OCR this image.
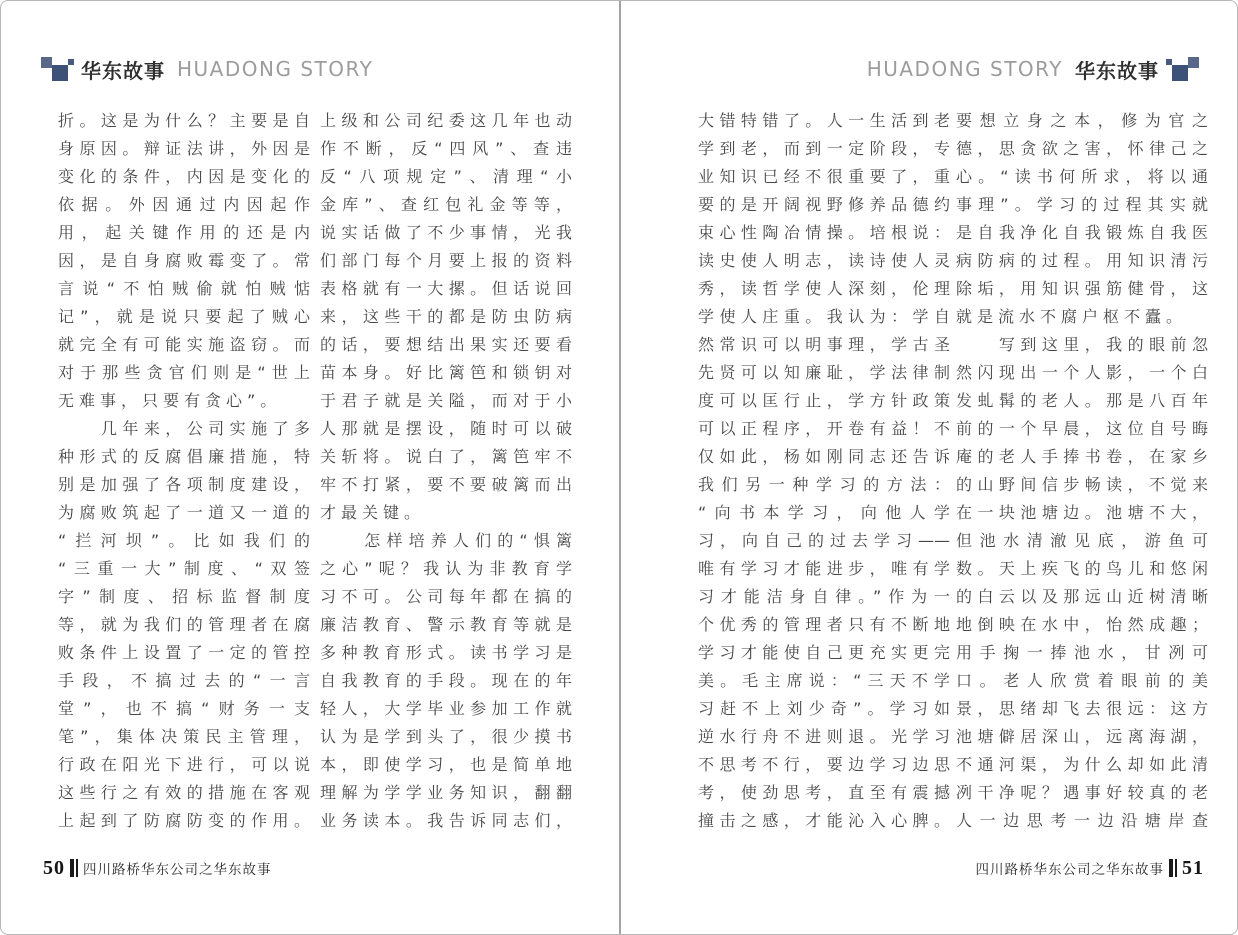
华东故事 HUADONG STORY
折。这是为什么？主要是自
身原因。辩证法讲，外因是
变化的条件，内因是变化的
依据。外因通过内因起作
用，起关键作用的还是内
因，是自身腐败霉变了。常
言说“不怕贼偷就怕贼惦
记”，就是说只要起了贼心
就完全有可能实施盗窃。而
对于那些贪官们则是“世上
无难事，只要有贪心”。
　　几年来，公司实施了多
种形式的反腐倡廉措施，特
别是加强了各项制度建设，
为腐败筑起了一道又一道的
“拦河坝”。比如我们的
“三重一大”制度、“双签
字”制度、招标监督制度
等，就为我们的管理者在腐
败条件上设置了一定的管控
手段，不搞过去的“一言
堂”，也不搞“财务一支
笔”，集体决策民主管理，
行政在阳光下进行，可以说
这些行之有效的措施在客观
上起到了防腐防变的作用。
上级和公司纪委这几年也动
作不断，反“四风”、查违
反“八项规定”、清理“小
金库”、查红包礼金等等，
说实话做了不少事情，光我
们部门每个月要上报的资料
表格就有一大摞。但话说回
来，这些干的都是防虫防病
的话，要想结出果实还要看
苗本身。好比篱笆和锁钥对
于君子就是关隘，而对于小
人那就是摆设，随时可以破
关斩将。说白了，篱笆牢不
牢不打紧，要不要破篱而出
才最关键。
　　怎样培养人们的“惧篱
之心”呢？我认为非教育学
习不可。公司每年都在搞的
廉洁教育、警示教育等就是
多种教育形式。读书学习是
自我教育的手段。现在的年
轻人，大学毕业参加工作就
认为是学到头了，很少摸书
本，即使学习，也是简单地
理解为学学业务知识，翻翻
业务读本。我告诉同志们，
50 四川路桥华东公司之华东故事
HUADONG STORY 华东故事
大错特错了。人一生活到老
学到老，而到一定阶段，专
业知识已经不很重要了，重
要的是开阔视野修养品德约
束心性陶冶情操。培根说：
读史使人明志，读诗使人灵
秀，读哲学使人深刻，伦理
学使人庄重。我认为：学自
然常识可以明事理，学古圣
先贤可以知廉耻，学法律制
度可以匡行止，学方针政策
可以正程序，开卷有益！不
仅如此，杨如刚同志还告诉
我们另一种学习的方法：
“向书本学习，向他人学
习，向自己的过去学习——
唯有学习才能进步，唯有学
习才能洁身自律。”作为一
个优秀的管理者只有不断地
学习才能使自己更充实更完
美。毛主席说：“三天不学
习赶不上刘少奇”。学习如
逆水行舟不进则退。光学习
不思考不行，要边学习边思
考，使劲思考，直至有震撼
撞击之感，才能沁入心脾。
要想立身之本，修为官之
德，思贪欲之害，怀律己之
心。“读书何所求，将以通
事理”。学习的过程其实就
是自我净化自我锻炼自我医
病防病的过程。用知识清污
除垢，用知识强筋健骨，这
就是流水不腐户枢不蠹。
　　写到这里，我的眼前忽
然闪现出一个人影，一个白
发虬髯的老人。那是八百年
前的一个早晨，这位自号晦
庵的老人手捧书卷，在家乡
的山野间信步畅读，不觉来
在一块池塘边。池塘不大，
但池水清澈见底，游鱼可
数。天上疾飞的鸟儿和悠闲
的白云以及那远山近树清晰
地倒映在水中，怡然成趣；
用手掬一捧池水，甘冽可
口。老人欣赏着眼前的美
景，思绪却飞去很远：这方
池塘僻居深山，远离海湖，
不通河渠，为什么却如此清
冽干净呢？遇事好较真的老
人一边思考一边沿塘岸查
四川路桥华东公司之华东故事 51
